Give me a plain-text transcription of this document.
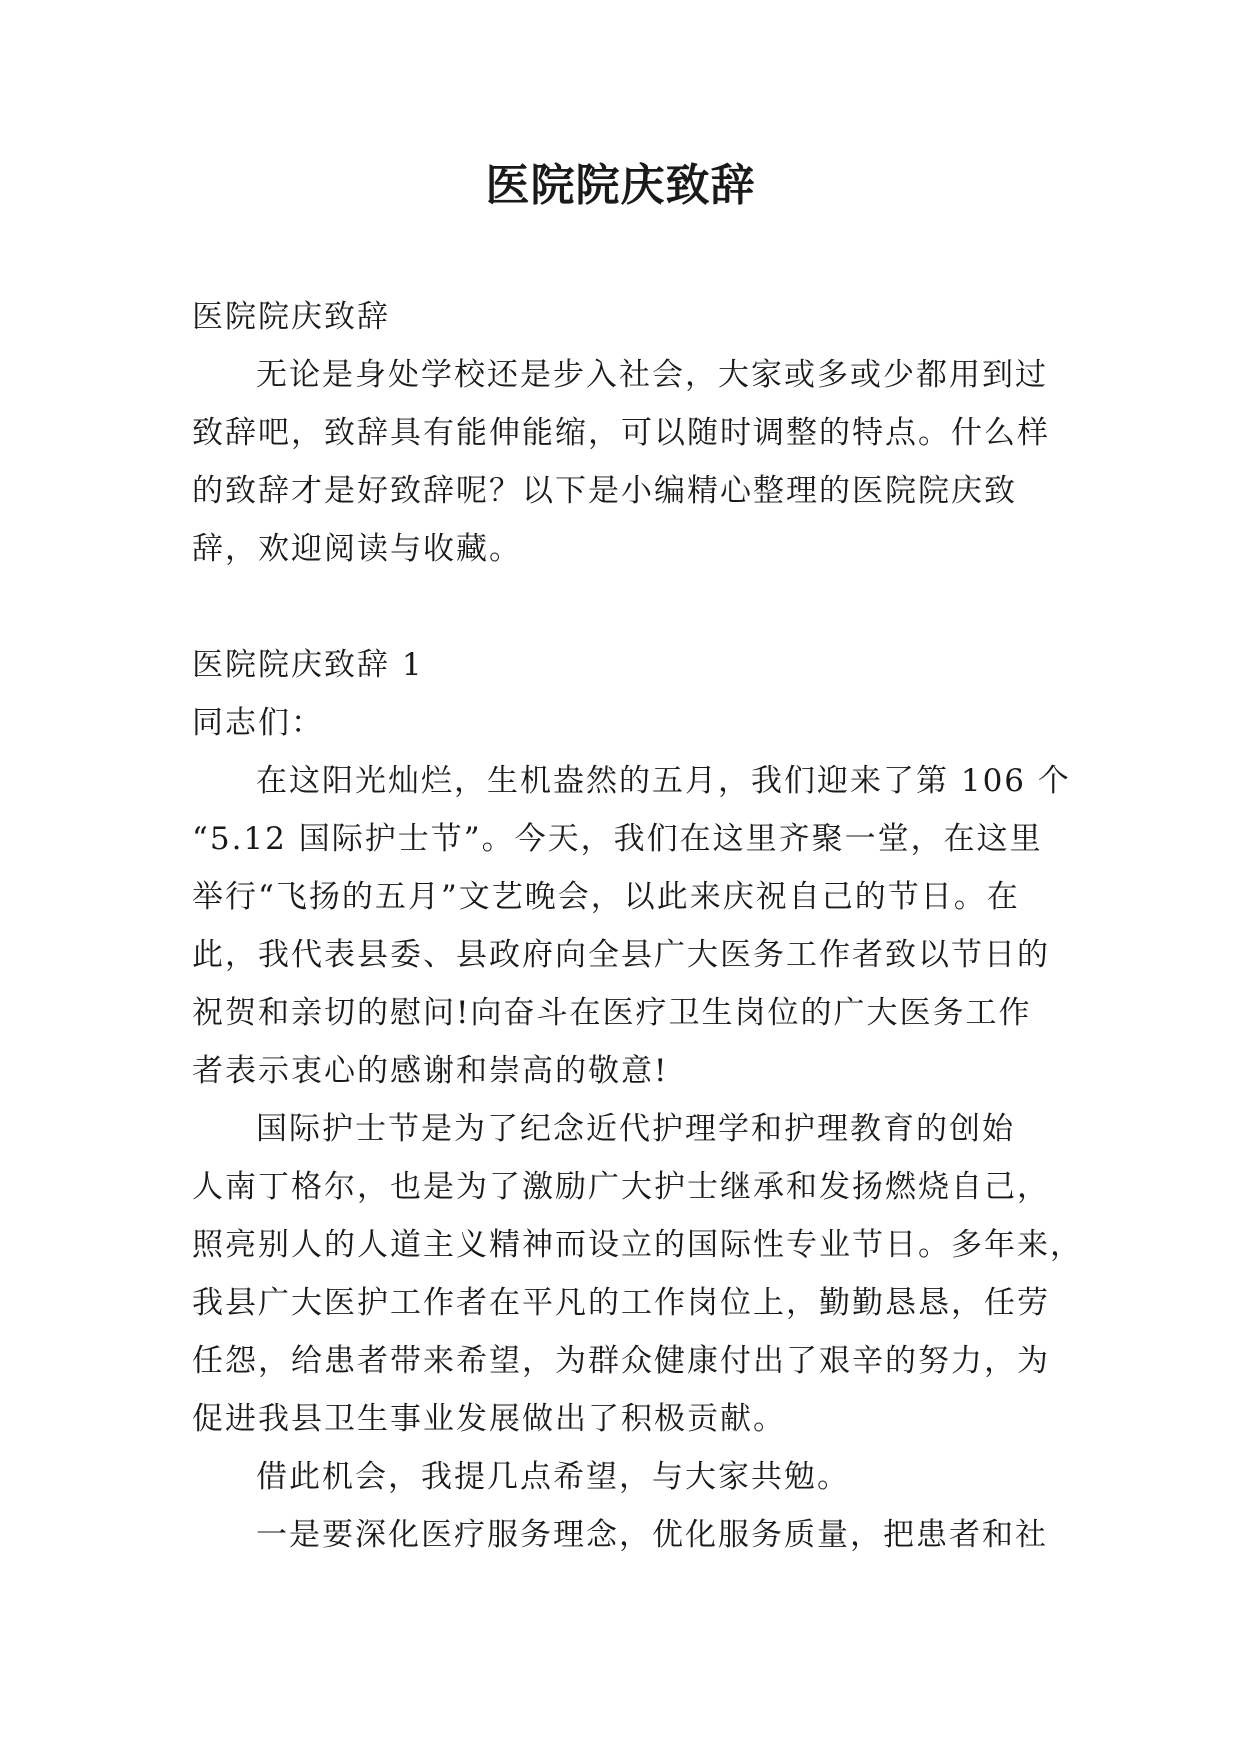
医院院庆致辞

医院院庆致辞

无论是身处学校还是步入社会，大家或多或少都用到过

致辞吧，致辞具有能伸能缩，可以随时调整的特点。什么样

的致辞才是好致辞呢？以下是小编精心整理的医院院庆致

辞，欢迎阅读与收藏。

医院院庆致辞 1

同志们：

在这阳光灿烂，生机盎然的五月，我们迎来了第 106 个

“5.12 国际护士节”。今天，我们在这里齐聚一堂，在这里

举行“飞扬的五月”文艺晚会，以此来庆祝自己的节日。在

此，我代表县委、县政府向全县广大医务工作者致以节日的

祝贺和亲切的慰问!向奋斗在医疗卫生岗位的广大医务工作

者表示衷心的感谢和崇高的敬意!

国际护士节是为了纪念近代护理学和护理教育的创始

人南丁格尔，也是为了激励广大护士继承和发扬燃烧自己，

照亮别人的人道主义精神而设立的国际性专业节日。多年来，

我县广大医护工作者在平凡的工作岗位上，勤勤恳恳，任劳

任怨，给患者带来希望，为群众健康付出了艰辛的努力，为

促进我县卫生事业发展做出了积极贡献。

借此机会，我提几点希望，与大家共勉。

一是要深化医疗服务理念，优化服务质量，把患者和社
